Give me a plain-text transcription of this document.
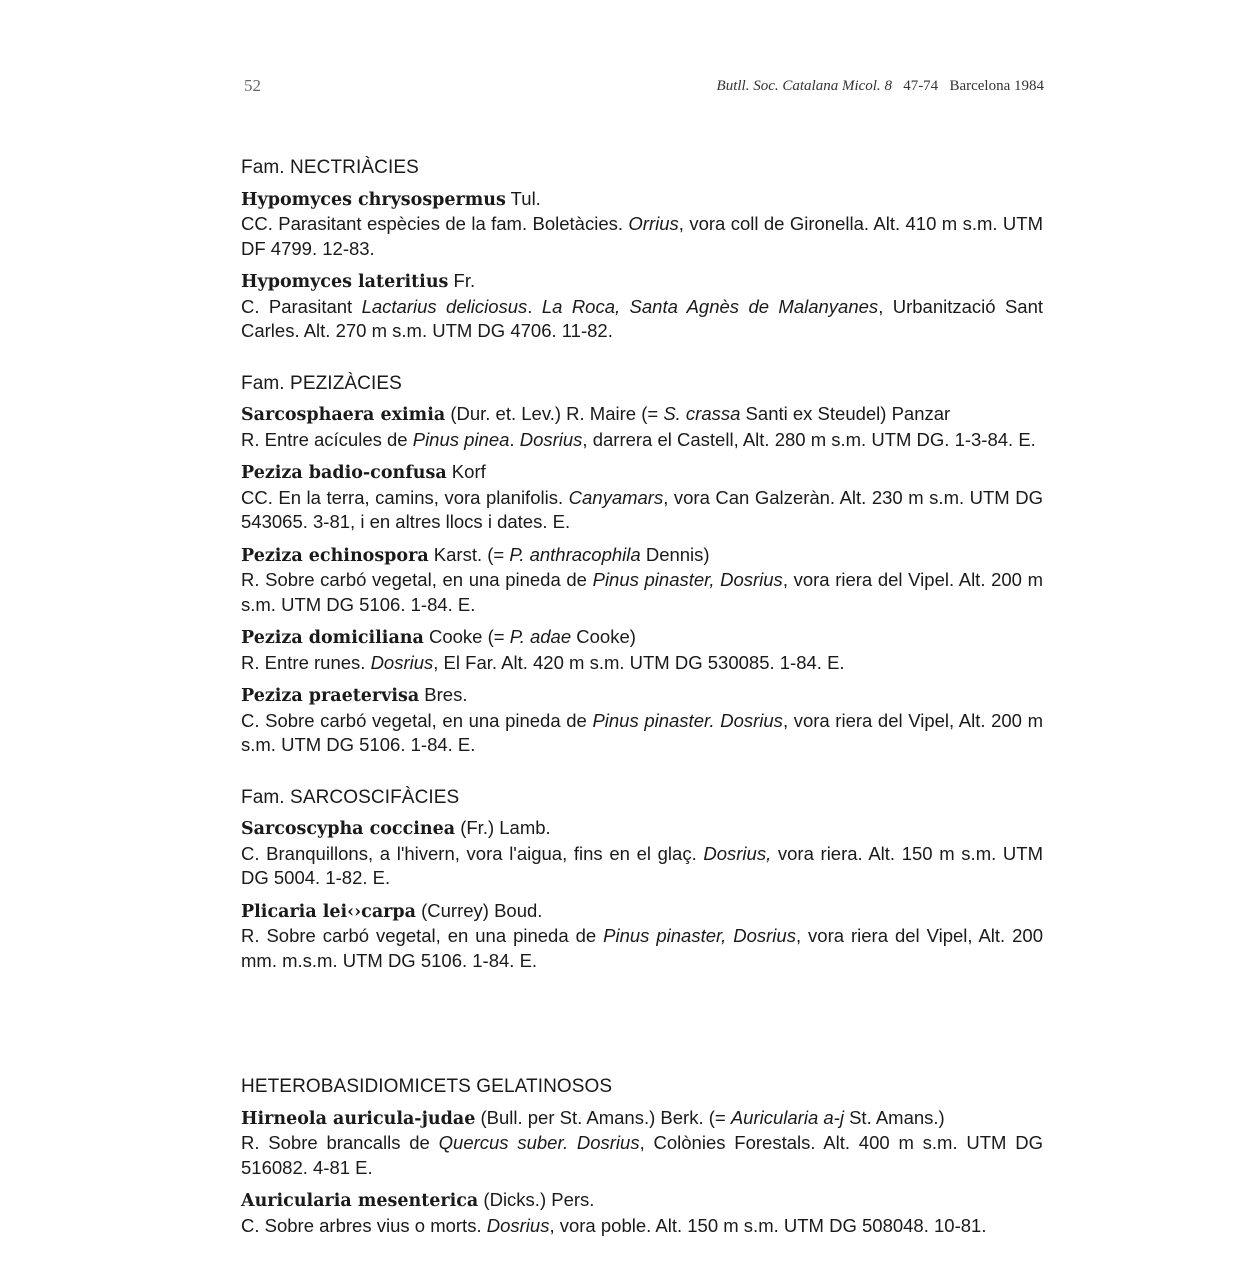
52	Butll. Soc. Catalana Micol. 8 47-74 Barcelona 1984
Fam. NECTRIÀCIES
Hypomyces chrysospermus Tul.
CC. Parasitant espècies de la fam. Boletàcies. Orrius, vora coll de Gironella. Alt. 410 m s.m. UTM DF 4799. 12-83.
Hypomyces lateritius Fr.
C. Parasitant Lactarius deliciosus. La Roca, Santa Agnès de Malanyanes, Urbanització Sant Carles. Alt. 270 m s.m. UTM DG 4706. 11-82.
Fam. PEZIZÀCIES
Sarcosphaera eximia (Dur. et. Lev.) R. Maire (= S. crassa Santi ex Steudel) Panzar
R. Entre acícules de Pinus pinea. Dosrius, darrera el Castell, Alt. 280 m s.m. UTM DG. 1-3-84. E.
Peziza badio-confusa Korf
CC. En la terra, camins, vora planifolis. Canyamars, vora Can Galzeràn. Alt. 230 m s.m. UTM DG 543065. 3-81, i en altres llocs i dates. E.
Peziza echinospora Karst. (= P. anthracophila Dennis)
R. Sobre carbó vegetal, en una pineda de Pinus pinaster, Dosrius, vora riera del Vipel. Alt. 200 m s.m. UTM DG 5106. 1-84. E.
Peziza domiciliana Cooke (= P. adae Cooke)
R. Entre runes. Dosrius, El Far. Alt. 420 m s.m. UTM DG 530085. 1-84. E.
Peziza praetervisa Bres.
C. Sobre carbó vegetal, en una pineda de Pinus pinaster. Dosrius, vora riera del Vipel, Alt. 200 m s.m. UTM DG 5106. 1-84. E.
Fam. SARCOSCIFÀCIES
Sarcoscypha coccinea (Fr.) Lamb.
C. Branquillons, a l'hivern, vora l'aigua, fins en el glaç. Dosrius, vora riera. Alt. 150 m s.m. UTM DG 5004. 1-82. E.
Plicaria lei‹›carpa (Currey) Boud.
R. Sobre carbó vegetal, en una pineda de Pinus pinaster, Dosrius, vora riera del Vipel, Alt. 200 mm. m.s.m. UTM DG 5106. 1-84. E.
HETEROBASIDIOMICETS GELATINOSOS
Hirneola auricula-judae (Bull. per St. Amans.) Berk. (= Auricularia a-j St. Amans.)
R. Sobre brancalls de Quercus suber. Dosrius, Colònies Forestals. Alt. 400 m s.m. UTM DG 516082. 4-81 E.
Auricularia mesenterica (Dicks.) Pers.
C. Sobre arbres vius o morts. Dosrius, vora poble. Alt. 150 m s.m. UTM DG 508048. 10-81.
